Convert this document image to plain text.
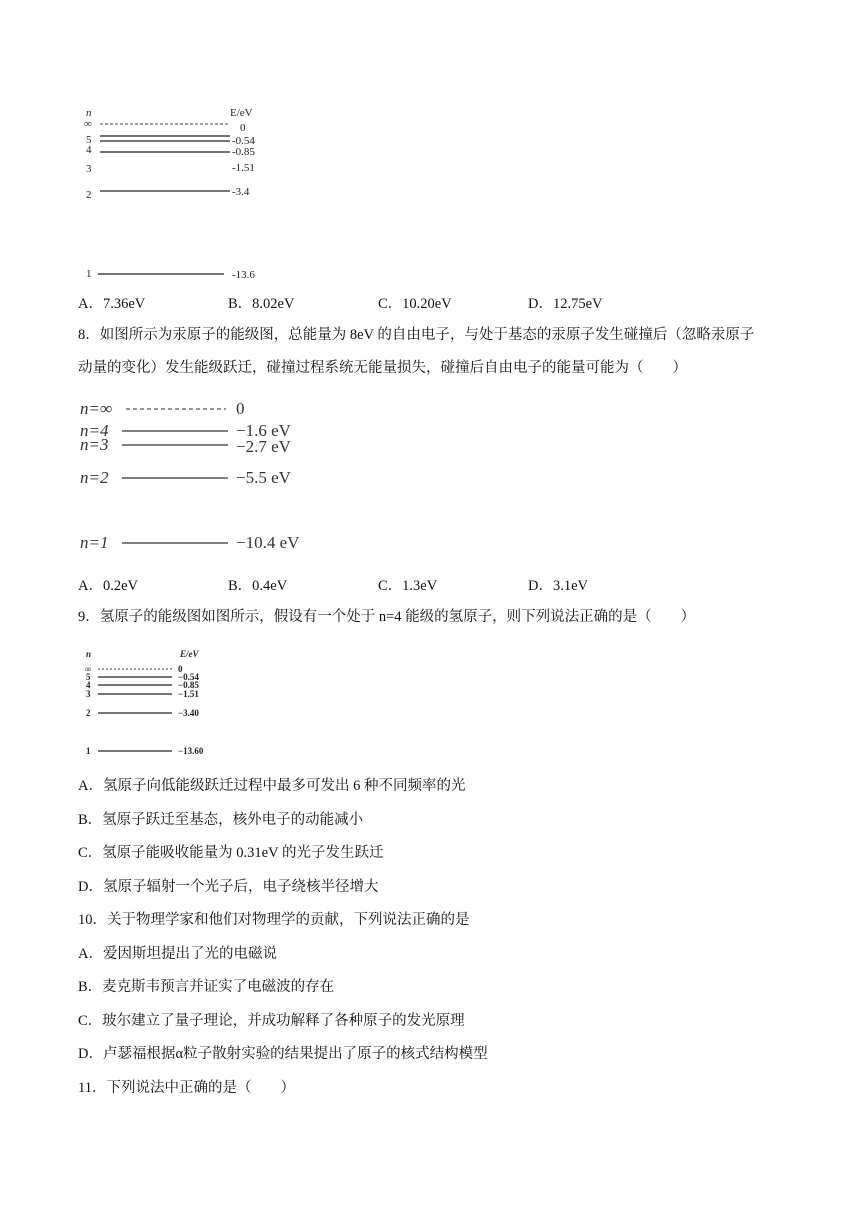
n	E/eV
∞
5
4
3
2
1
0
-0.54
-0.85
-1.51
-3.4
-13.6
A．7.36eV	B．8.02eV	C．10.20eV	D．12.75eV
8．如图所示为汞原子的能级图，总能量为 8eV 的自由电子，与处于基态的汞原子发生碰撞后（忽略汞原子
动量的变化）发生能级跃迁，碰撞过程系统无能量损失，碰撞后自由电子的能量可能为（　　）
n=∞
n=4
n=3
n=2
n=1
0
−1.6 eV
−2.7 eV
−5.5 eV
−10.4 eV
A．0.2eV	B．0.4eV	C．1.3eV	D．3.1eV
9．氢原子的能级图如图所示，假设有一个处于 n=4 能级的氢原子，则下列说法正确的是（　　）
n	E/eV
∞
5
4
3
2
1
0
−0.54
−0.85
−1.51
−3.40
−13.60
A．氢原子向低能级跃迁过程中最多可发出 6 种不同频率的光
B．氢原子跃迁至基态，核外电子的动能减小
C．氢原子能吸收能量为 0.31eV 的光子发生跃迁
D．氢原子辐射一个光子后，电子绕核半径增大
10．关于物理学家和他们对物理学的贡献，下列说法正确的是
A．爱因斯坦提出了光的电磁说
B．麦克斯韦预言并证实了电磁波的存在
C．玻尔建立了量子理论，并成功解释了各种原子的发光原理
D．卢瑟福根据α粒子散射实验的结果提出了原子的核式结构模型
11．下列说法中正确的是（　　）
